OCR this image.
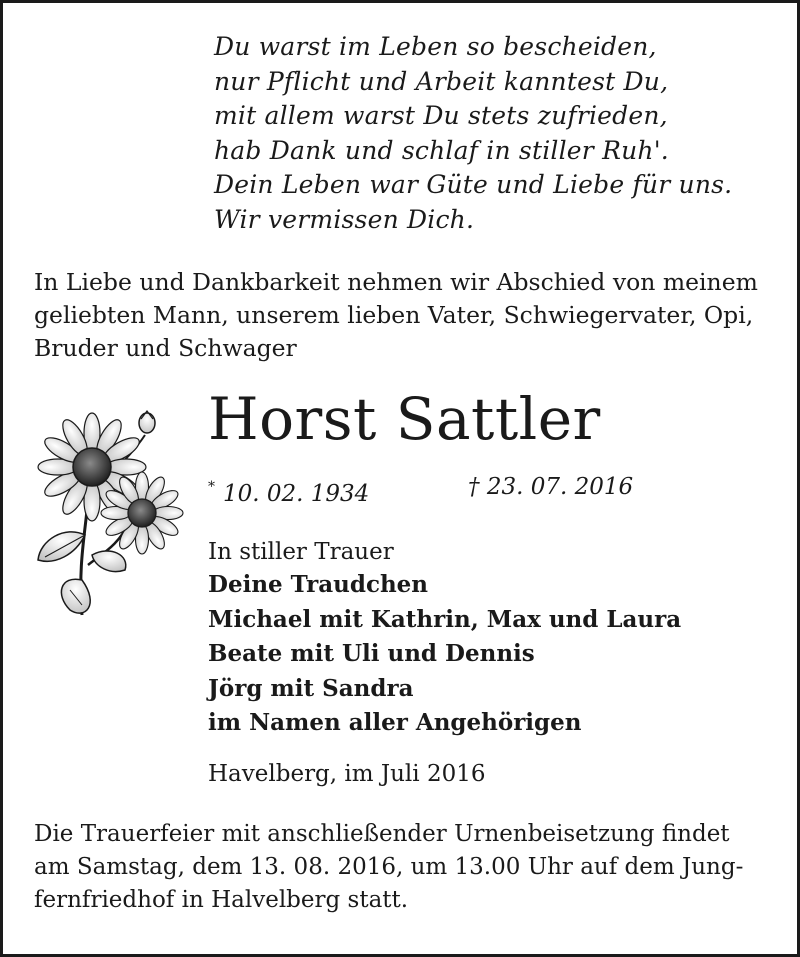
Du warst im Leben so bescheiden,
nur Pflicht und Arbeit kanntest Du,
mit allem warst Du stets zufrieden,
hab Dank und schlaf in stiller Ruh'.
Dein Leben war Güte und Liebe für uns.
Wir vermissen Dich.
In Liebe und Dankbarkeit nehmen wir Abschied von meinem
geliebten Mann, unserem lieben Vater, Schwiegervater, Opi,
Bruder und Schwager
Horst Sattler
* 10. 02. 1934	† 23. 07. 2016
In stiller Trauer
Deine Traudchen
Michael mit Kathrin, Max und Laura
Beate mit Uli und Dennis
Jörg mit Sandra
im Namen aller Angehörigen
Havelberg, im Juli 2016
Die Trauerfeier mit anschließender Urnenbeisetzung findet
am Samstag, dem 13. 08. 2016, um 13.00 Uhr auf dem Jung-
fernfriedhof in Halvelberg statt.
